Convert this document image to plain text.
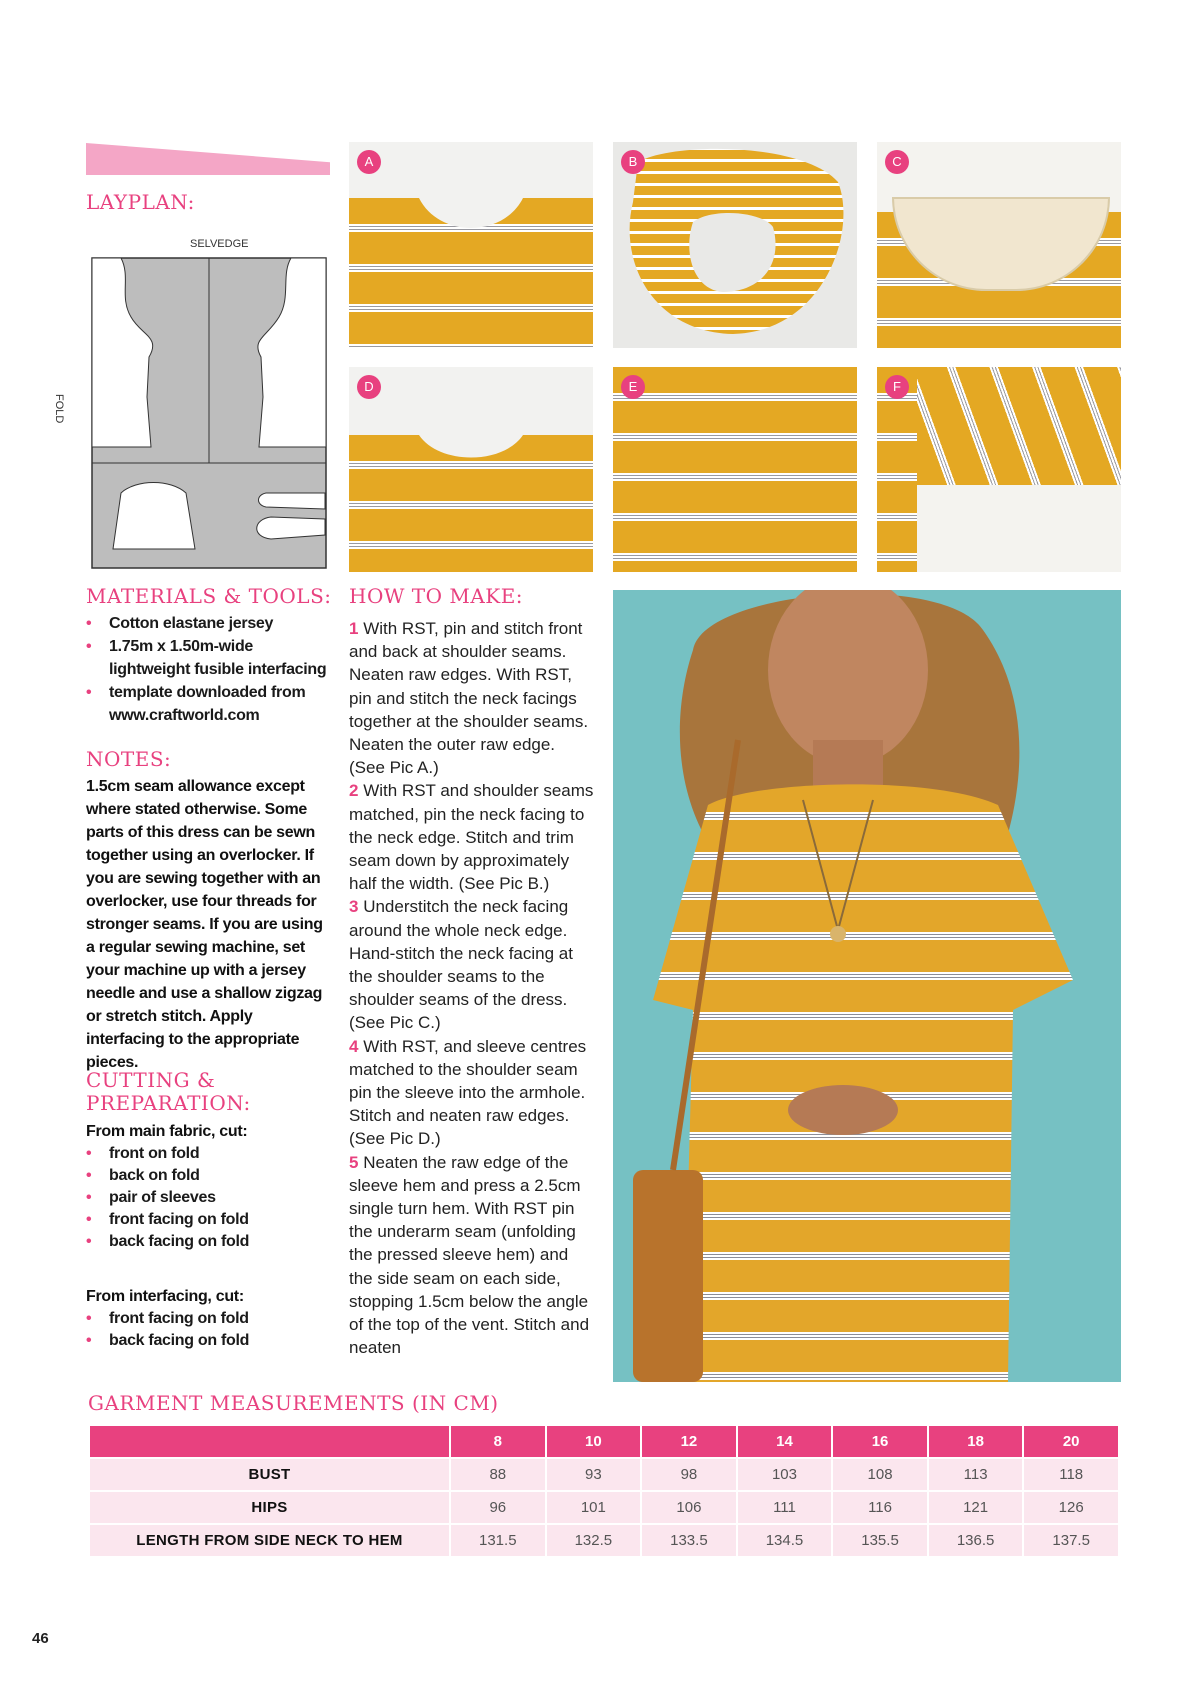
LAYPLAN:
SELVEDGE
FOLD
A	B	C
D	E	F
MATERIALS & TOOLS:
• Cotton elastane jersey
• 1.75m x 1.50m-wide lightweight fusible interfacing
• template downloaded from www.craftworld.com
NOTES:
1.5cm seam allowance except where stated otherwise. Some parts of this dress can be sewn together using an overlocker. If you are sewing together with an overlocker, use four threads for stronger seams. If you are using a regular sewing machine, set your machine up with a jersey needle and use a shallow zigzag or stretch stitch. Apply interfacing to the appropriate pieces.
CUTTING &
PREPARATION:
From main fabric, cut:
• front on fold
• back on fold
• pair of sleeves
• front facing on fold
• back facing on fold
From interfacing, cut:
• front facing on fold
• back facing on fold
HOW TO MAKE:
1 With RST, pin and stitch front and back at shoulder seams. Neaten raw edges. With RST, pin and stitch the neck facings together at the shoulder seams. Neaten the outer raw edge. (See Pic A.)
2 With RST and shoulder seams matched, pin the neck facing to the neck edge. Stitch and trim seam down by approximately half the width. (See Pic B.)
3 Understitch the neck facing around the whole neck edge. Hand-stitch the neck facing at the shoulder seams to the shoulder seams of the dress. (See Pic C.)
4 With RST, and sleeve centres matched to the shoulder seam pin the sleeve into the armhole. Stitch and neaten raw edges. (See Pic D.)
5 Neaten the raw edge of the sleeve hem and press a 2.5cm single turn hem. With RST pin the underarm seam (unfolding the pressed sleeve hem) and the side seam on each side, stopping 1.5cm below the angle of the top of the vent. Stitch and neaten
GARMENT MEASUREMENTS (IN CM)
	8	10	12	14	16	18	20
BUST	88	93	98	103	108	113	118
HIPS	96	101	106	111	116	121	126
LENGTH FROM SIDE NECK TO HEM	131.5	132.5	133.5	134.5	135.5	136.5	137.5
46
